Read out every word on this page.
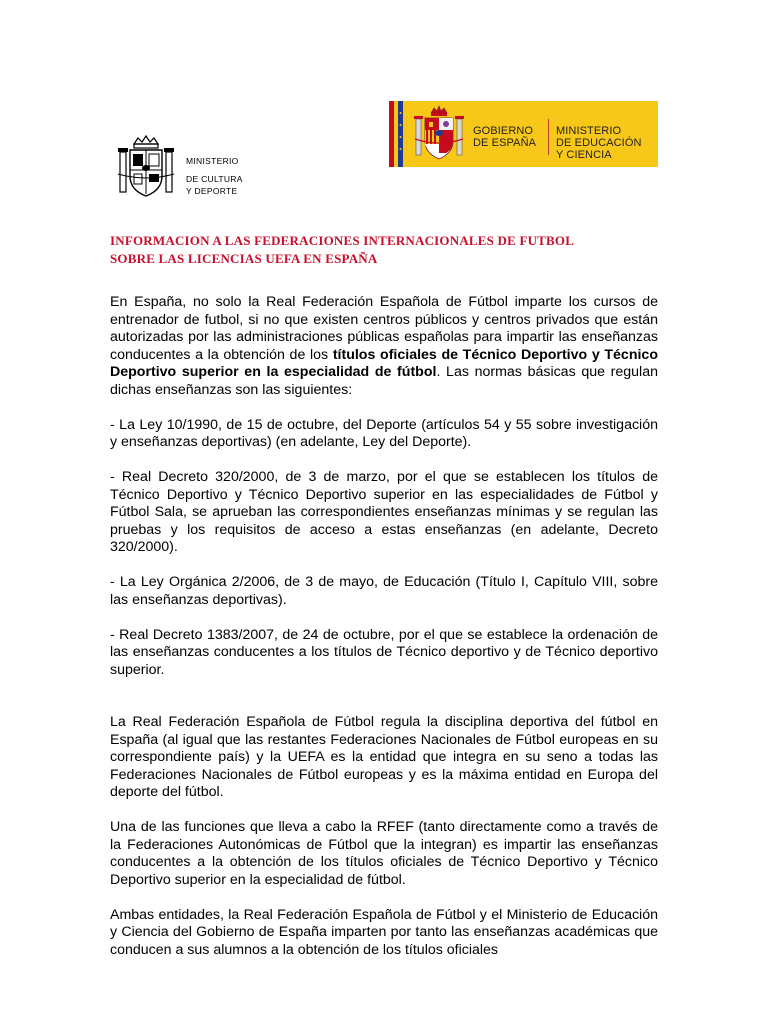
MINISTERIO
DE CULTURA
Y DEPORTE
GOBIERNO
DE ESPAÑA
MINISTERIO
DE EDUCACIÓN
Y CIENCIA
INFORMACION A LAS FEDERACIONES INTERNACIONALES DE FUTBOL
SOBRE LAS LICENCIAS UEFA EN ESPAÑA

En España, no solo la Real Federación Española de Fútbol imparte los cursos de entrenador de futbol, si no que existen centros públicos y centros privados que están autorizadas por las administraciones públicas españolas para impartir las enseñanzas conducentes a la obtención de los títulos oficiales de Técnico Deportivo y Técnico Deportivo superior en la especialidad de fútbol. Las normas básicas que regulan dichas enseñanzas son las siguientes:

- La Ley 10/1990, de 15 de octubre, del Deporte (artículos 54 y 55 sobre investigación y enseñanzas deportivas) (en adelante, Ley del Deporte).

- Real Decreto 320/2000, de 3 de marzo, por el que se establecen los títulos de Técnico Deportivo y Técnico Deportivo superior en las especialidades de Fútbol y Fútbol Sala, se aprueban las correspondientes enseñanzas mínimas y se regulan las pruebas y los requisitos de acceso a estas enseñanzas (en adelante, Decreto 320/2000).

- La Ley Orgánica 2/2006, de 3 de mayo, de Educación (Título I, Capítulo VIII, sobre las enseñanzas deportivas).

- Real Decreto 1383/2007, de 24 de octubre, por el que se establece la ordenación de las enseñanzas conducentes a los títulos de Técnico deportivo y de Técnico deportivo superior.

La Real Federación Española de Fútbol regula la disciplina deportiva del fútbol en España (al igual que las restantes Federaciones Nacionales de Fútbol europeas en su correspondiente país) y la UEFA es la entidad que integra en su seno a todas las Federaciones Nacionales de Fútbol europeas y es la máxima entidad en Europa del deporte del fútbol.

Una de las funciones que lleva a cabo la RFEF (tanto directamente como a través de la Federaciones Autonómicas de Fútbol que la integran) es impartir las enseñanzas conducentes a la obtención de los títulos oficiales de Técnico Deportivo y Técnico Deportivo superior en la especialidad de fútbol.

Ambas entidades, la Real Federación Española de Fútbol y el Ministerio de Educación y Ciencia del Gobierno de España imparten por tanto las enseñanzas académicas que conducen a sus alumnos a la obtención de los títulos oficiales
